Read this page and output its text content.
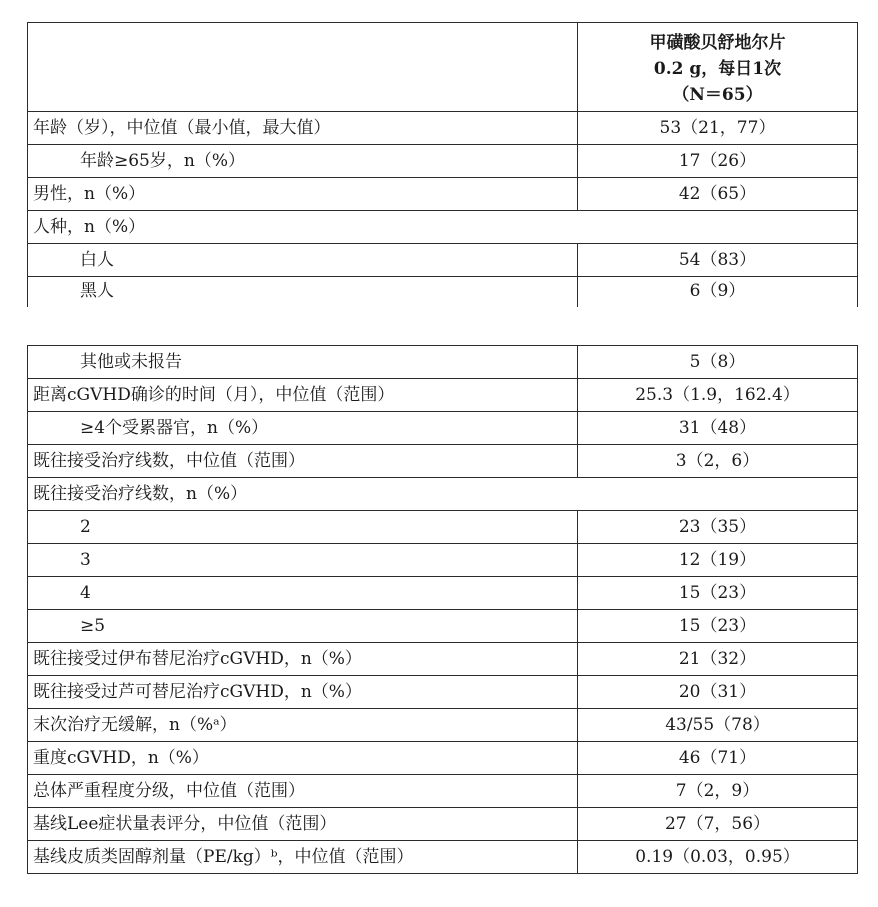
	甲磺酸贝舒地尔片
0.2 g，每日1次
（N＝65）

年龄（岁），中位值（最小值，最大值）	53（21，77）
年龄≥65岁，n（%）	17（26）
男性，n（%）	42（65）
人种，n（%）	
白人	54（83）
黑人	6（9）
其他或未报告	5（8）
距离cGVHD确诊的时间（月），中位值（范围）	25.3（1.9，162.4）
≥4个受累器官，n（%）	31（48）
既往接受治疗线数，中位值（范围）	3（2，6）
既往接受治疗线数，n（%）	
2	23（35）
3	12（19）
4	15（23）
≥5	15（23）
既往接受过伊布替尼治疗cGVHD，n（%）	21（32）
既往接受过芦可替尼治疗cGVHD，n（%）	20（31）
末次治疗无缓解，n（%ᵃ）	43/55（78）
重度cGVHD，n（%）	46（71）
总体严重程度分级，中位值（范围）	7（2，9）
基线Lee症状量表评分，中位值（范围）	27（7，56）
基线皮质类固醇剂量（PE/kg）ᵇ，中位值（范围）	0.19（0.03，0.95）
